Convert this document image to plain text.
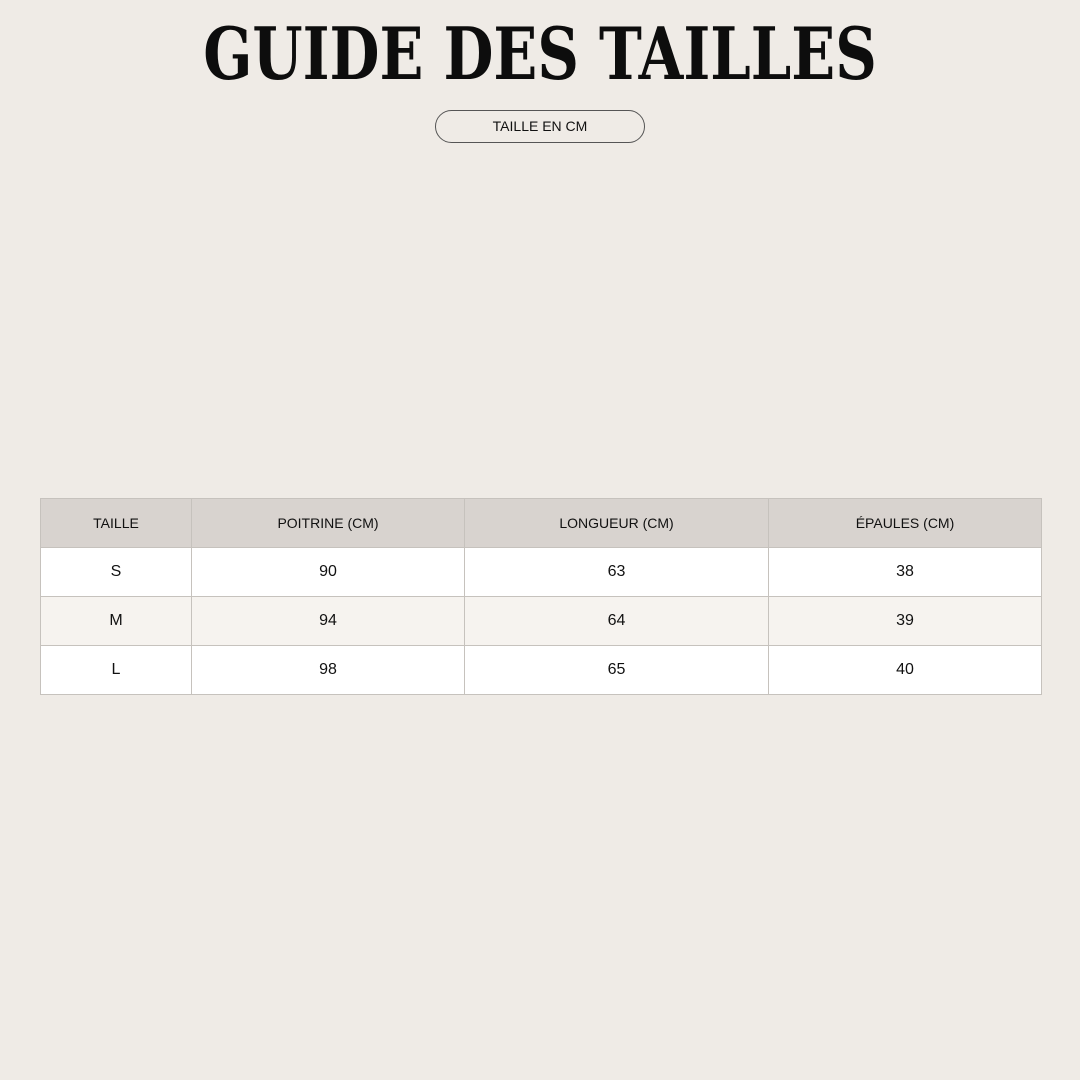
GUIDE DES TAILLES
TAILLE EN CM
TAILLE	POITRINE (CM)	LONGUEUR (CM)	ÉPAULES (CM)
S	90	63	38
M	94	64	39
L	98	65	40
